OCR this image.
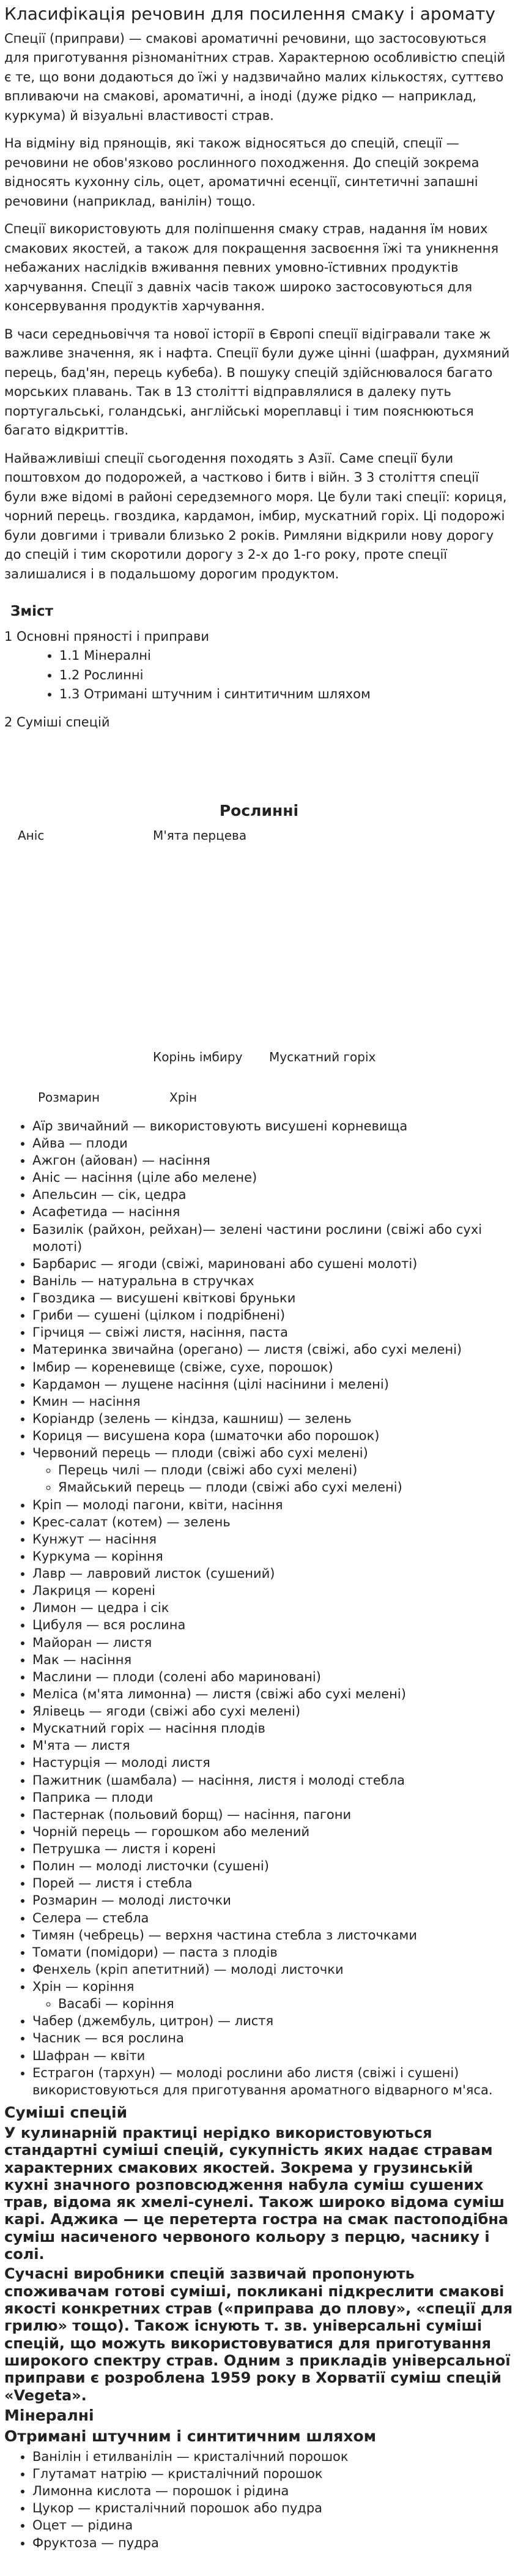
Класифікація речовин для посилення смаку і аромату

Спеції (приправи) — смакові ароматичні речовини, що застосовуються для приготування різноманітних страв. Характерною особливістю спецій є те, що вони додаються до їжі у надзвичайно малих кількостях, суттєво впливаючи на смакові, ароматичні, а іноді (дуже рідко — наприклад, куркума) й візуальні властивості страв.

На відміну від прянощів, які також відносяться до спецій, спеції — речовини не обов'язково рослинного походження. До спецій зокрема відносять кухонну сіль, оцет, ароматичні есенції, синтетичні запашні речовини (наприклад, ванілін) тощо.

Спеції використовують для поліпшення смаку страв, надання їм нових смакових якостей, а також для покращення засвоєння їжі та уникнення небажаних наслідків вживання певних умовно-їстивних продуктів харчування. Спеції з давніх часів також широко застосовуються для консервування продуктів харчування.

В часи середньовіччя та нової історії в Європі спеції відігравали таке ж важливе значення, як і нафта. Спеції були дуже цінні (шафран, духмяний перець, бад'ян, перець кубеба). В пошуку спецій здійснювалося багато морських плавань. Так в 13 столітті відправлялися в далеку путь португальські, голандські, англійські мореплавці і тим пояснюються багато відкриттів.

Найважливіші спеції сьогодення походять з Азії. Саме спеції були поштовхом до подорожей, а частково і битв і війн. З 3 століття спеції були вже відомі в районі середземного моря. Це були такі спеції: кориця, чорний перець. гвоздика, кардамон, імбир, мускатний горіх. Ці подорожі були довгими і тривали близько 2 років. Римляни відкрили нову дорогу до спецій і тим скоротили дорогу з 2-х до 1-го року, проте спеції залишалися і в подальшому дорогим продуктом.

Зміст
1 Основні пряності і приправи
• 1.1 Мінералні
• 1.2 Рослинні
• 1.3 Отримані штучним і синтитичним шляхом
2 Суміші спецій
Рослинні
Аніс	М'ята перцева
Корінь імбиру Мускатний горіх
Розмарин	Хрін
• Аїр звичайний — використовують висушені корневища
• Айва — плоди
• Ажгон (айован) — насіння
• Аніс — насіння (ціле або мелене)
• Апельсин — сік, цедра
• Асафетида — насіння
• Базилік (райхон, рейхан)— зелені частини рослини (свіжі або сухі молоті)
• Барбарис — ягоди (свіжі, мариновані або сушені молоті)
• Ваніль — натуральна в стручках
• Гвоздика — висушені квіткові бруньки
• Гриби — сушені (цілком і подрібнені)
• Гірчиця — свіжі листя, насіння, паста
• Материнка звичайна (орегано) — листя (свіжі, або сухі мелені)
• Імбир — кореневище (свіже, сухе, порошок)
• Кардамон — лущене насіння (цілі насінини і мелені)
• Кмин — насіння
• Коріандр (зелень — кіндза, кашниш) — зелень
• Кориця — висушена кора (шматочки або порошок)
• Червоний перець — плоди (свіжі або сухі мелені)
◦ Перець чилі — плоди (свіжі або сухі мелені)
◦ Ямайський перець — плоди (свіжі або сухі мелені)
• Кріп — молоді пагони, квіти, насіння
• Крес-салат (котем) — зелень
• Кунжут — насіння
• Куркума — коріння
• Лавр — лавровий листок (сушений)
• Лакриця — корені
• Лимон — цедра і сік
• Цибуля — вся рослина
• Майоран — листя
• Мак — насіння
• Маслини — плоди (солені або мариновані)
• Меліса (м'ята лимонна) — листя (свіжі або сухі мелені)
• Ялівець — ягоди (свіжі або сухі мелені)
• Мускатний горіх — насіння плодів
• М'ята — листя
• Настурція — молоді листя
• Пажитник (шамбала) — насіння, листя і молоді стебла
• Паприка — плоди
• Пастернак (польовий борщ) — насіння, пагони
• Чорній перець — горошком або мелений
• Петрушка — листя і корені
• Полин — молоді листочки (сушені)
• Порей — листя і стебла
• Розмарин — молоді листочки
• Селера — стебла
• Тимян (чебрець) — верхня частина стебла з листочками
• Томати (помідори) — паста з плодів
• Фенхель (кріп апетитний) — молоді листочки
• Хрін — коріння
◦ Васабі — коріння
• Чабер (джембуль, цитрон) — листя
• Часник — вся рослина
• Шафран — квіти
• Естрагон (тархун) — молоді рослини або листя (свіжі і сушені) використовуються для приготування ароматного відварного м'яса.
Суміші спецій

У кулинарній практиці нерідко використовуються стандартні суміші спецій, сукупність яких надає стравам характерних смакових якостей. Зокрема у грузинській кухні значного розповсюдження набула суміш сушених трав, відома як хмелі-сунелі. Також широко відома суміш карі. Аджика — це перетерта гостра на смак пастоподібна суміш насиченого червоного кольору з перцю, часнику і солі.

Сучасні виробники спецій зазвичай пропонують споживачам готові суміші, покликані підкреслити смакові якості конкретних страв («приправа до плову», «спеції для грилю» тощо). Також існують т. зв. універсальні суміші спецій, що можуть використовуватися для приготування широкого спектру страв. Одним з прикладів універсальної приправи є розроблена 1959 року в Хорватії суміш спецій «Vegeta».

Мінералні
Отримані штучним і синтитичним шляхом
• Ванілін і етилванілін — кристалічний порошок
• Глутамат натрію — кристалічний порошок
• Лимонна кислота — порошок і рідина
• Цукор — кристалічний порошок або пудра
• Оцет — рідина
• Фруктоза — пудра
